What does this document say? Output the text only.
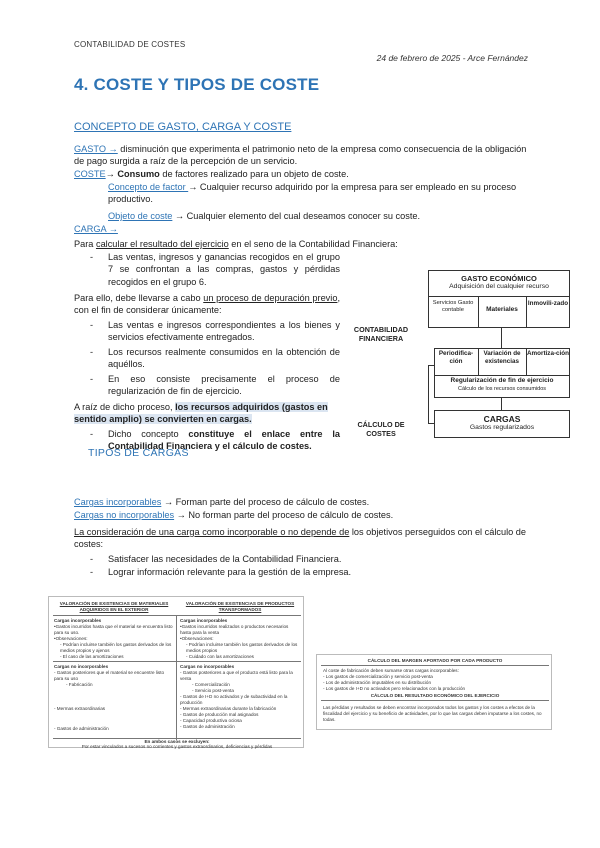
CONTABILIDAD DE COSTES
24 de febrero de 2025 - Arce Fernández
4. COSTE Y TIPOS DE COSTE
CONCEPTO DE GASTO, CARGA Y COSTE
GASTO → disminución que experimenta el patrimonio neto de la empresa como consecuencia de la obligación de pago surgida a raíz de la percepción de un servicio.
COSTE→ Consumo de factores realizado para un objeto de coste.
Concepto de factor → Cualquier recurso adquirido por la empresa para ser empleado en su proceso productivo.
Objeto de coste → Cualquier elemento del cual deseamos conocer su coste.
CARGA →
Para calcular el resultado del ejercicio en el seno de la Contabilidad Financiera:
- Las ventas, ingresos y ganancias recogidos en el grupo 7 se confrontan a las compras, gastos y pérdidas recogidos en el grupo 6.
Para ello, debe llevarse a cabo un proceso de depuración previo, con el fin de considerar únicamente:
- Las ventas e ingresos correspondientes a los bienes y servicios efectivamente entregados.
- Los recursos realmente consumidos en la obtención de aquéllos.
- En eso consiste precisamente el proceso de regularización de fin de ejercicio.
A raíz de dicho proceso, los recursos adquiridos (gastos en sentido amplio) se convierten en cargas.
- Dicho concepto constituye el enlace entre la Contabilidad Financiera y el cálculo de costes.
CONTABILIDAD FINANCIERA
CÁLCULO DE COSTES
GASTO ECONÓMICO
Adquisición del cualquier recurso
Servicios Gasto contable	Materiales
Inmovili-zado
Periodifica-ción
Variación de existencias
Amortiza-ción
Regularización de fin de ejercicio
Cálculo de los recursos consumidos
CARGAS
Gastos regularizados
TIPOS DE CARGAS
Cargas incorporables → Forman parte del proceso de cálculo de costes.
Cargas no incorporables → No forman parte del proceso de cálculo de costes.
La consideración de una carga como incorporable o no depende de los objetivos perseguidos con el cálculo de costes:
- Satisfacer las necesidades de la Contabilidad Financiera.
- Lograr información relevante para la gestión de la empresa.
VALORACIÓN DE EXISTENCIAS DE MATERIALES ADQUIRIDOS EN EL EXTERIOR
VALORACIÓN DE EXISTENCIAS DE PRODUCTOS TRANSFORMADOS
Cargas incorporables
•Gastos incurridos hasta que el material se encuentra listo para su uso.
•Observaciones:
- Podrían incluirse también los gastos derivados de los medios propios y ajenos
- El caso de las amortizaciones
Cargas incorporables
•Gastos incurridos realizados o productos necesarios hasta para la venta
•Observaciones:
- Podrían incluirse también los gastos derivados de los medios propios
- Cuidado con las amortizaciones
Cargas no incorporables
- Gastos posteriores que el material se encuentre listo para su uso
- Fabricación
- Mermas extraordinarias
- Gastos de administración
Cargas no incorporables
- Gastos posteriores a que el producto está listo para la venta
- Comercialización
- Servicio post-venta
- Gastos de I+D no activados y de subactividad en la producción
- Mermas extraordinarias durante la fabricación
- Gastos de producción mal asignados
- Capacidad productiva ociosa
- Gastos de administración
En ambos casos se excluyen:
Por estar vinculados a sucesos no corrientes y gastos extraordinarios, deficiencias y pérdidas
CÁLCULO DEL MARGEN APORTADO POR CADA PRODUCTO
Al coste de fabricación deben sumarse otras cargas incorporables:
- Los gastos de comercialización y servicio post-venta
- Los de administración imputables en su distribución
- Los gastos de I+D no activados pero relacionados con la producción
CÁLCULO DEL RESULTADO ECONÓMICO DEL EJERCICIO
Las pérdidas y resultados se deben encontrar incorporados todos los gastos y los costes a efectos de la fiscalidad del ejercicio y su beneficio de actividades, por lo que las cargas deben imputarse a los costes, no todas.
